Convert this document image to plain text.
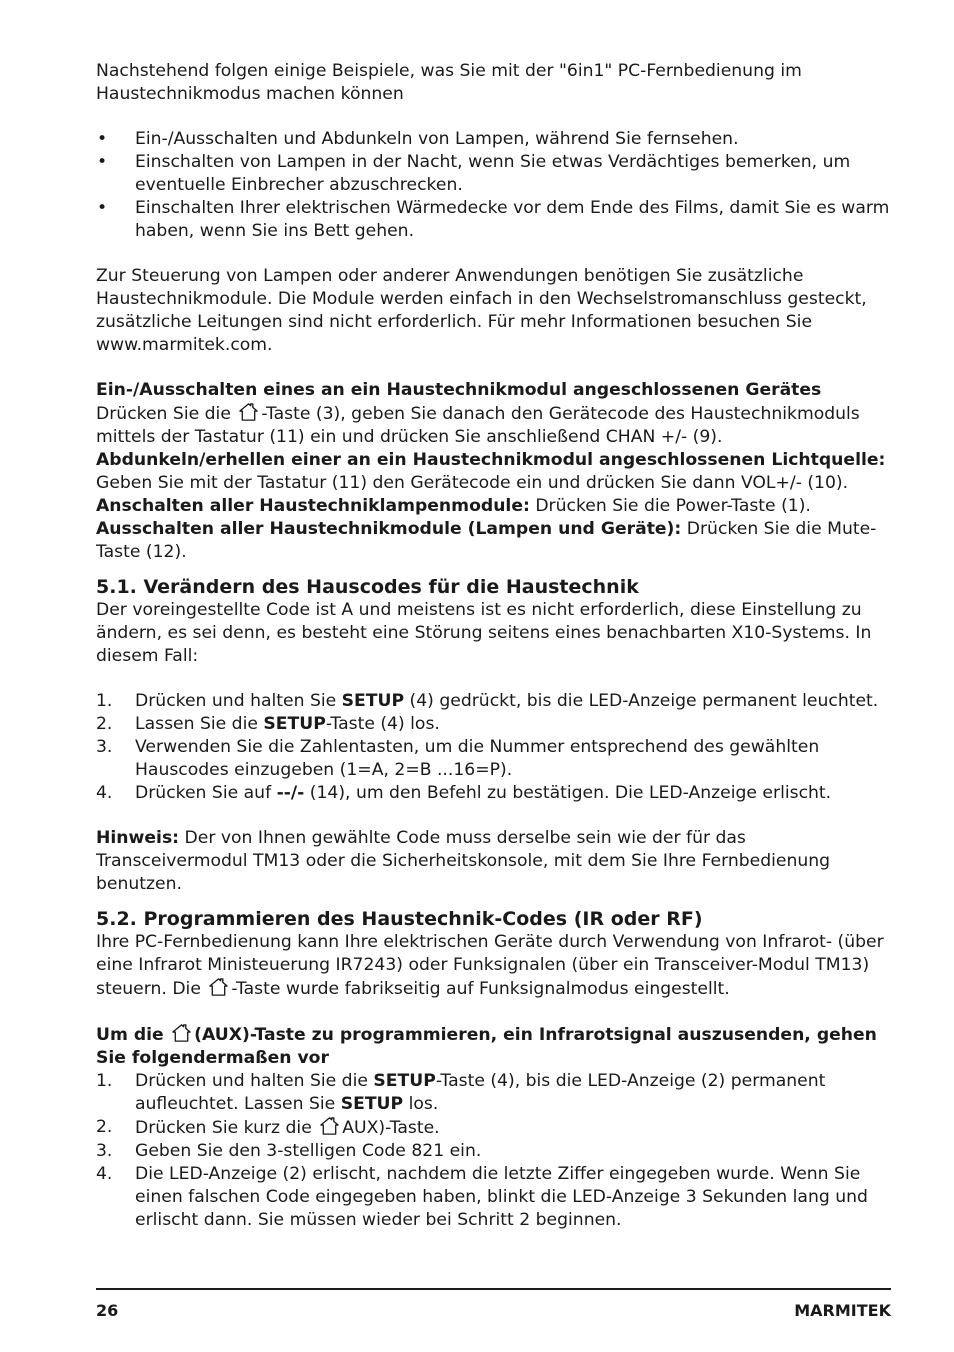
Nachstehend folgen einige Beispiele, was Sie mit der "6in1" PC-Fernbedienung im Haustechnikmodus machen können

• Ein-/Ausschalten und Abdunkeln von Lampen, während Sie fernsehen.
• Einschalten von Lampen in der Nacht, wenn Sie etwas Verdächtiges bemerken, um eventuelle Einbrecher abzuschrecken.
• Einschalten Ihrer elektrischen Wärmedecke vor dem Ende des Films, damit Sie es warm haben, wenn Sie ins Bett gehen.

Zur Steuerung von Lampen oder anderer Anwendungen benötigen Sie zusätzliche Haustechnikmodule. Die Module werden einfach in den Wechselstromanschluss gesteckt, zusätzliche Leitungen sind nicht erforderlich. Für mehr Informationen besuchen Sie www.marmitek.com.

Ein-/Ausschalten eines an ein Haustechnikmodul angeschlossenen Gerätes

Drücken Sie die -Taste (3), geben Sie danach den Gerätecode des Haustechnikmoduls mittels der Tastatur (11) ein und drücken Sie anschließend CHAN +/- (9).

Abdunkeln/erhellen einer an ein Haustechnikmodul angeschlossenen Lichtquelle:

Geben Sie mit der Tastatur (11) den Gerätecode ein und drücken Sie dann VOL+/- (10).

Anschalten aller Haustechniklampenmodule: Drücken Sie die Power-Taste (1).

Ausschalten aller Haustechnikmodule (Lampen und Geräte): Drücken Sie die Mute-Taste (12).

5.1. Verändern des Hauscodes für die Haustechnik

Der voreingestellte Code ist A und meistens ist es nicht erforderlich, diese Einstellung zu ändern, es sei denn, es besteht eine Störung seitens eines benachbarten X10-Systems. In diesem Fall:

1. Drücken und halten Sie SETUP (4) gedrückt, bis die LED-Anzeige permanent leuchtet.
2. Lassen Sie die SETUP-Taste (4) los.
3. Verwenden Sie die Zahlentasten, um die Nummer entsprechend des gewählten Hauscodes einzugeben (1=A, 2=B ...16=P).
4. Drücken Sie auf --/- (14), um den Befehl zu bestätigen. Die LED-Anzeige erlischt.

Hinweis: Der von Ihnen gewählte Code muss derselbe sein wie der für das Transceivermodul TM13 oder die Sicherheitskonsole, mit dem Sie Ihre Fernbedienung benutzen.

5.2. Programmieren des Haustechnik-Codes (IR oder RF)

Ihre PC-Fernbedienung kann Ihre elektrischen Geräte durch Verwendung von Infrarot- (über eine Infrarot Ministeuerung IR7243) oder Funksignalen (über ein Transceiver-Modul TM13) steuern. Die -Taste wurde fabrikseitig auf Funksignalmodus eingestellt.

Um die (AUX)-Taste zu programmieren, ein Infrarotsignal auszusenden, gehen Sie folgendermaßen vor

1. Drücken und halten Sie die SETUP-Taste (4), bis die LED-Anzeige (2) permanent aufleuchtet. Lassen Sie SETUP los.
2. Drücken Sie kurz die AUX)-Taste.
3. Geben Sie den 3-stelligen Code 821 ein.
4. Die LED-Anzeige (2) erlischt, nachdem die letzte Ziffer eingegeben wurde. Wenn Sie einen falschen Code eingegeben haben, blinkt die LED-Anzeige 3 Sekunden lang und erlischt dann. Sie müssen wieder bei Schritt 2 beginnen.
26	MARMITEK
